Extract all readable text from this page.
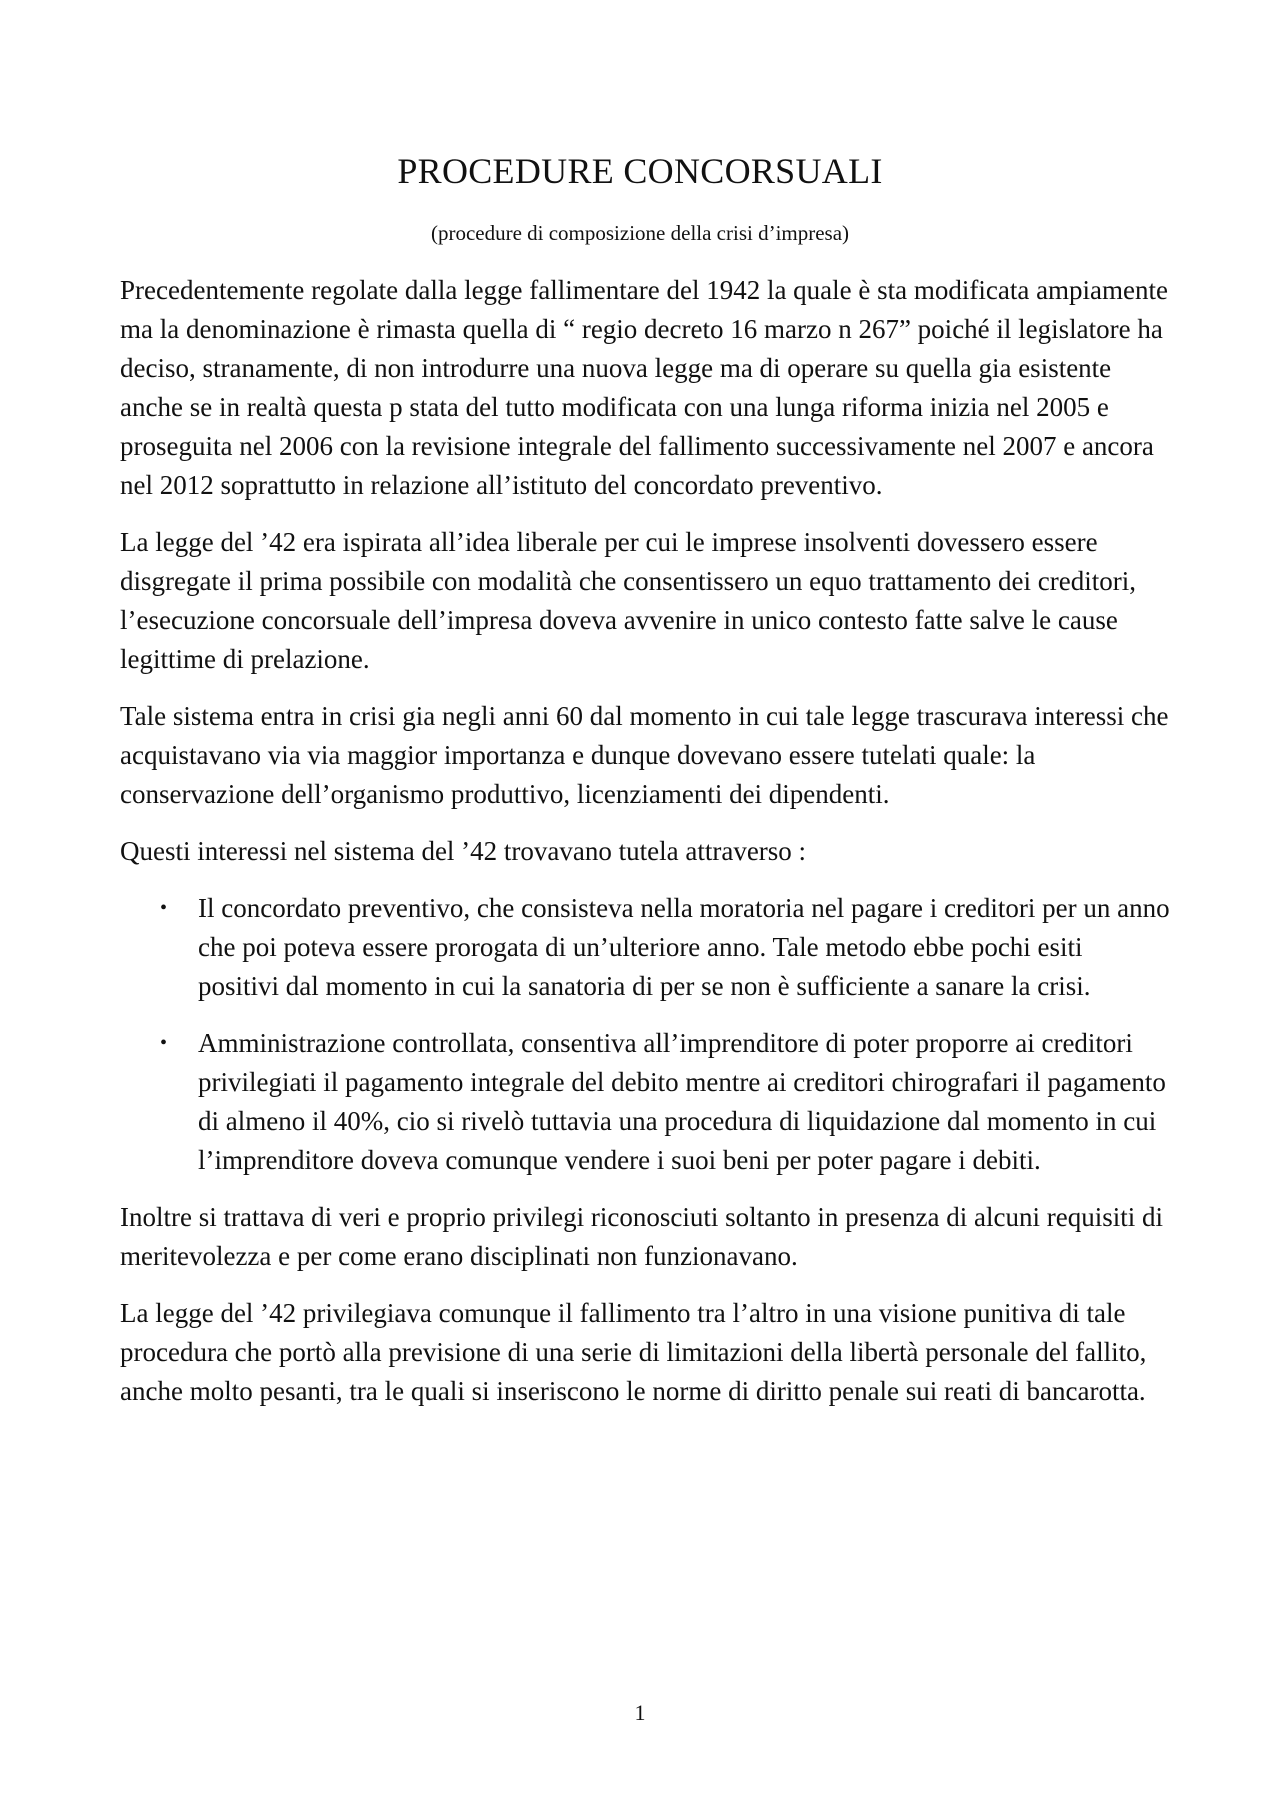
PROCEDURE CONCORSUALI
(procedure di composizione della crisi d’impresa)

Precedentemente regolate dalla legge fallimentare del 1942 la quale è sta modificata ampiamente ma la denominazione è rimasta quella di “ regio decreto 16 marzo n 267” poiché il legislatore ha deciso, stranamente, di non introdurre una nuova legge ma di operare su quella gia esistente anche se in realtà questa p stata del tutto modificata con una lunga riforma inizia nel 2005 e proseguita nel 2006 con la revisione integrale del fallimento successivamente nel 2007 e ancora nel 2012 soprattutto in relazione all’istituto del concordato preventivo.

La legge del ’42 era ispirata all’idea liberale per cui le imprese insolventi dovessero essere disgregate il prima possibile con modalità che consentissero un equo trattamento dei creditori, l’esecuzione concorsuale dell’impresa doveva avvenire in unico contesto fatte salve le cause legittime di prelazione.

Tale sistema entra in crisi gia negli anni 60 dal momento in cui tale legge trascurava interessi che acquistavano via via maggior importanza e dunque dovevano essere tutelati quale: la conservazione dell’organismo produttivo, licenziamenti dei dipendenti.

Questi interessi nel sistema del ’42 trovavano tutela attraverso :

• Il concordato preventivo, che consisteva nella moratoria nel pagare i creditori per un anno che poi poteva essere prorogata di un’ulteriore anno. Tale metodo ebbe pochi esiti positivi dal momento in cui la sanatoria di per se non è sufficiente a sanare la crisi.
• Amministrazione controllata, consentiva all’imprenditore di poter proporre ai creditori privilegiati il pagamento integrale del debito mentre ai creditori chirografari il pagamento di almeno il 40%, cio si rivelò tuttavia una procedura di liquidazione dal momento in cui l’imprenditore doveva comunque vendere i suoi beni per poter pagare i debiti.

Inoltre si trattava di veri e proprio privilegi riconosciuti soltanto in presenza di alcuni requisiti di meritevolezza e per come erano disciplinati non funzionavano.

La legge del ’42 privilegiava comunque il fallimento tra l’altro in una visione punitiva di tale procedura che portò alla previsione di una serie di limitazioni della libertà personale del fallito, anche molto pesanti, tra le quali si inseriscono le norme di diritto penale sui reati di bancarotta.

1
